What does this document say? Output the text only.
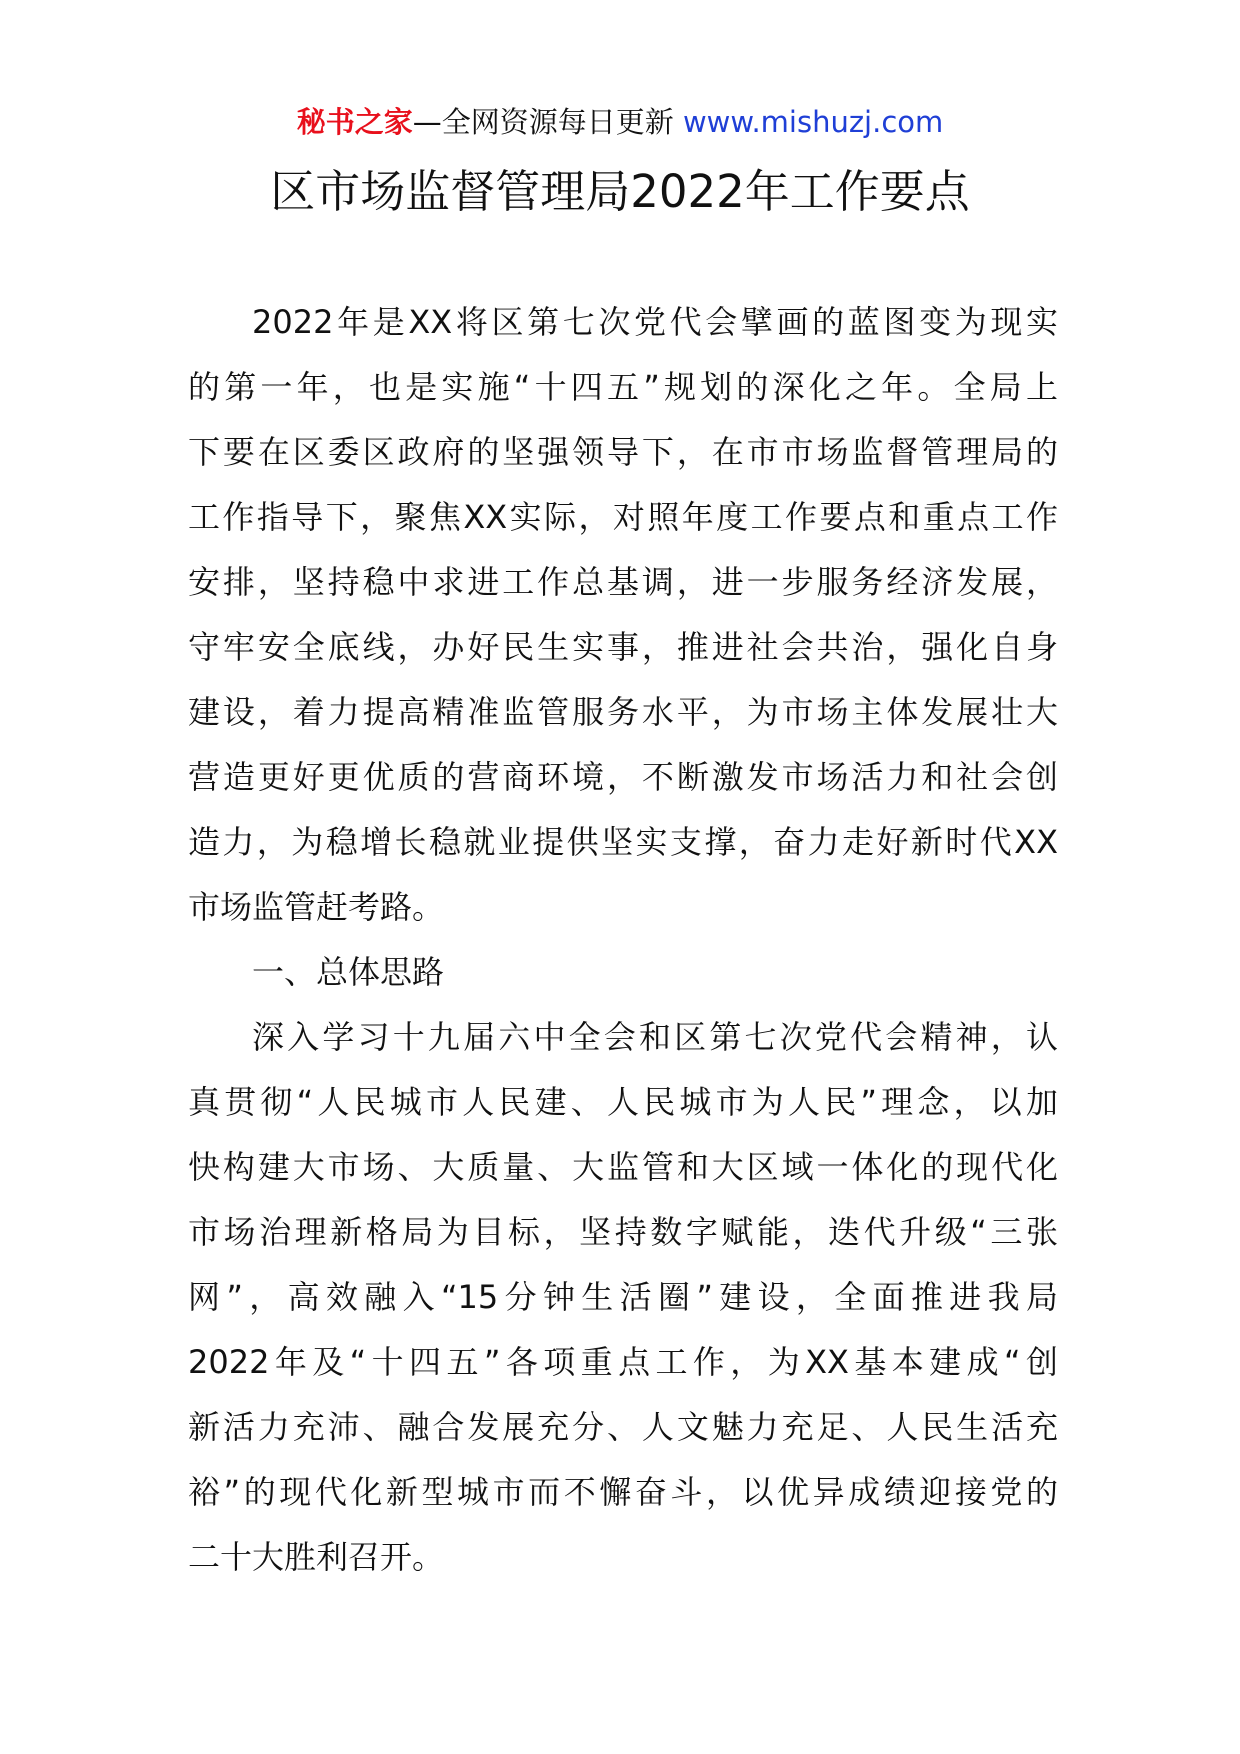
秘书之家—全网资源每日更新 www.mishuzj.com
区市场监督管理局2022年工作要点
2022年是XX将区第七次党代会擘画的蓝图变为现实
的第一年，也是实施“十四五”规划的深化之年。全局上
下要在区委区政府的坚强领导下，在市市场监督管理局的
工作指导下，聚焦XX实际，对照年度工作要点和重点工作
安排，坚持稳中求进工作总基调，进一步服务经济发展，
守牢安全底线，办好民生实事，推进社会共治，强化自身
建设，着力提高精准监管服务水平，为市场主体发展壮大
营造更好更优质的营商环境，不断激发市场活力和社会创
造力，为稳增长稳就业提供坚实支撑，奋力走好新时代XX
市场监管赶考路。
一、总体思路
深入学习十九届六中全会和区第七次党代会精神，认
真贯彻“人民城市人民建、人民城市为人民”理念，以加
快构建大市场、大质量、大监管和大区域一体化的现代化
市场治理新格局为目标，坚持数字赋能，迭代升级“三张
网”，高效融入“15分钟生活圈”建设，全面推进我局
2022年及“十四五”各项重点工作，为XX基本建成“创
新活力充沛、融合发展充分、人文魅力充足、人民生活充
裕”的现代化新型城市而不懈奋斗，以优异成绩迎接党的
二十大胜利召开。
